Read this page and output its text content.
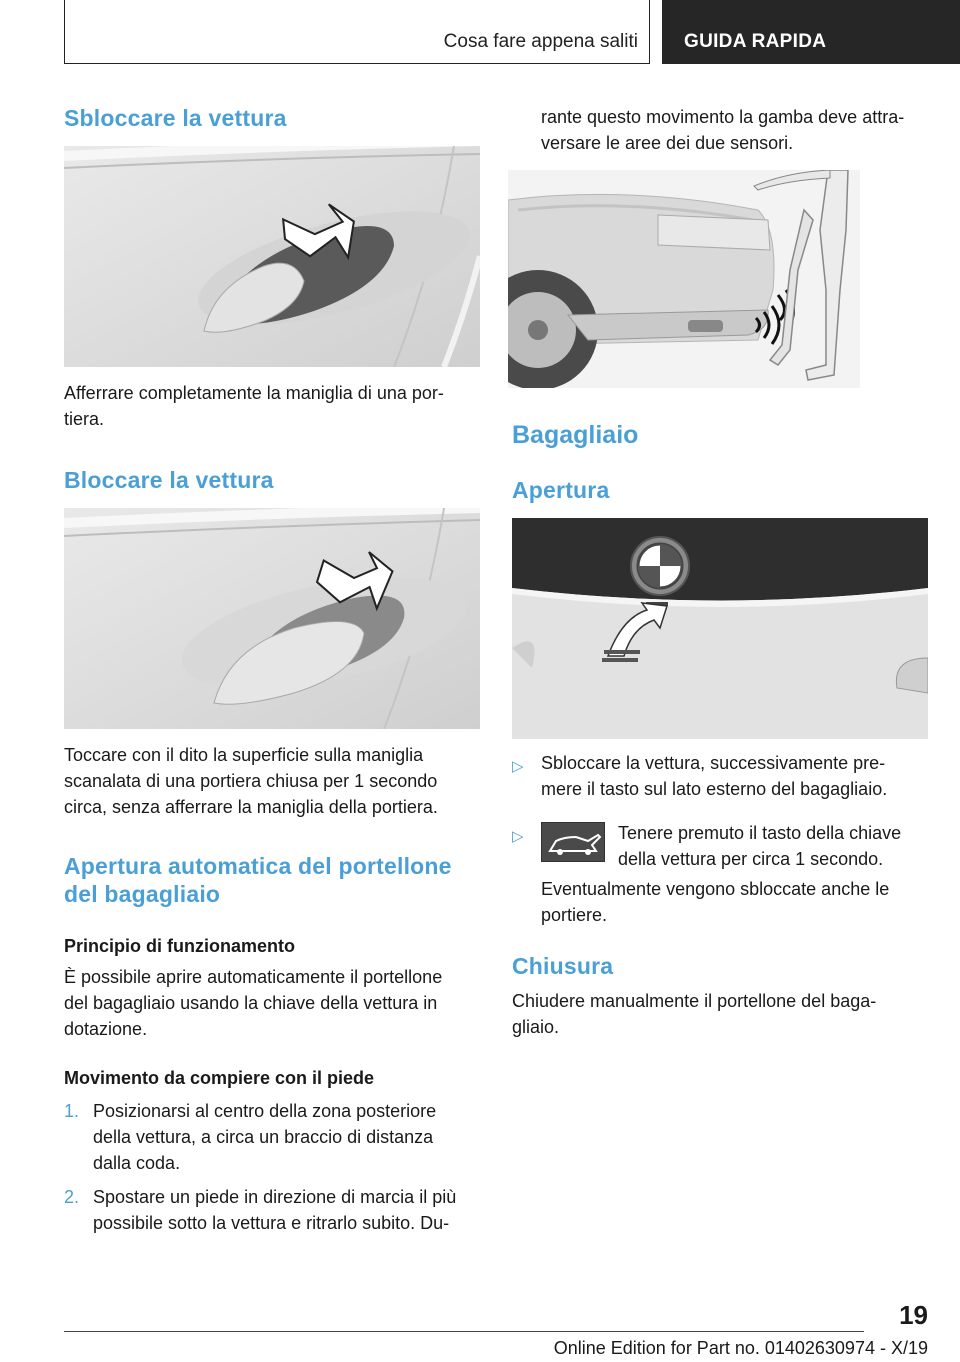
Cosa fare appena saliti	GUIDA RAPIDA
Sbloccare la vettura
Afferrare completamente la maniglia di una por-
tiera.
Bloccare la vettura
Toccare con il dito la superficie sulla maniglia
scanalata di una portiera chiusa per 1 secondo
circa, senza afferrare la maniglia della portiera.
Apertura automatica del portellone
del bagagliaio
Principio di funzionamento
È possibile aprire automaticamente il portellone
del bagagliaio usando la chiave della vettura in
dotazione.
Movimento da compiere con il piede
1. Posizionarsi al centro della zona posteriore
della vettura, a circa un braccio di distanza
dalla coda.
2. Spostare un piede in direzione di marcia il più
possibile sotto la vettura e ritrarlo subito. Du-
rante questo movimento la gamba deve attra-
versare le aree dei due sensori.
Bagagliaio
Apertura
▷ Sbloccare la vettura, successivamente pre-
mere il tasto sul lato esterno del bagagliaio.
▷	Tenere premuto il tasto della chiave
della vettura per circa 1 secondo.
Eventualmente vengono sbloccate anche le
portiere.
Chiusura
Chiudere manualmente il portellone del baga-
gliaio.
19
Online Edition for Part no. 01402630974 - X/19
